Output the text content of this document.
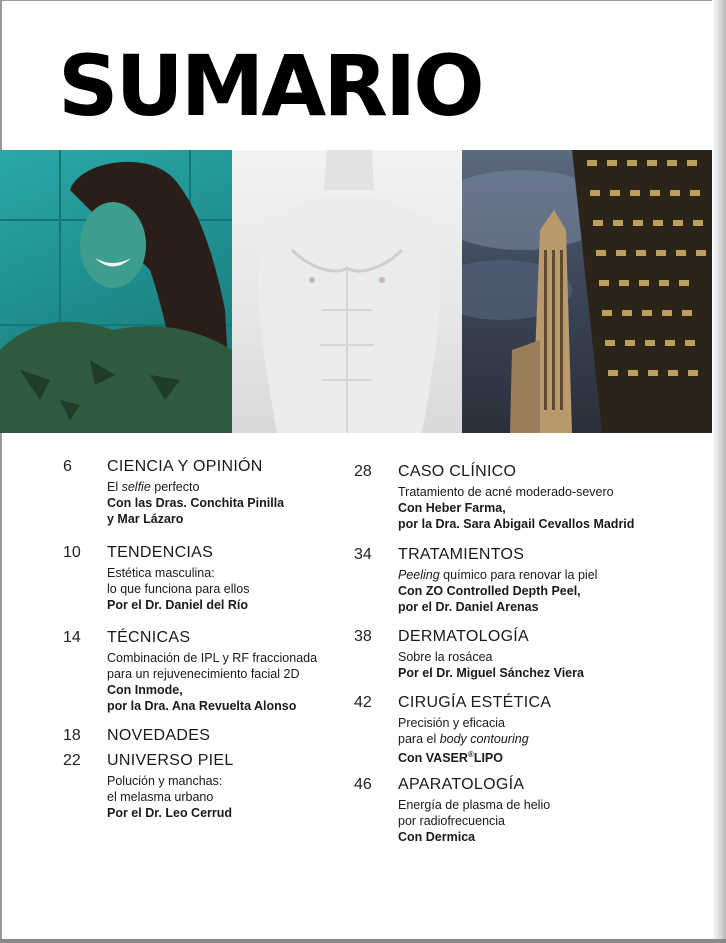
SUMARIO
6 CIENCIA Y OPINIÓN
El selfie perfecto
Con las Dras. Conchita Pinilla
y Mar Lázaro
10 TENDENCIAS
Estética masculina:
lo que funciona para ellos
Por el Dr. Daniel del Río
14 TÉCNICAS
Combinación de IPL y RF fraccionada
para un rejuvenecimiento facial 2D
Con Inmode,
por la Dra. Ana Revuelta Alonso
18 NOVEDADES
22 UNIVERSO PIEL
Polución y manchas:
el melasma urbano
Por el Dr. Leo Cerrud
28 CASO CLÍNICO
Tratamiento de acné moderado-severo
Con Heber Farma,
por la Dra. Sara Abigail Cevallos Madrid
34 TRATAMIENTOS
Peeling químico para renovar la piel
Con ZO Controlled Depth Peel,
por el Dr. Daniel Arenas
38 DERMATOLOGÍA
Sobre la rosácea
Por el Dr. Miguel Sánchez Viera
42 CIRUGÍA ESTÉTICA
Precisión y eficacia
para el body contouring
Con VASER®LIPO
46 APARATOLOGÍA
Energía de plasma de helio
por radiofrecuencia
Con Dermica
